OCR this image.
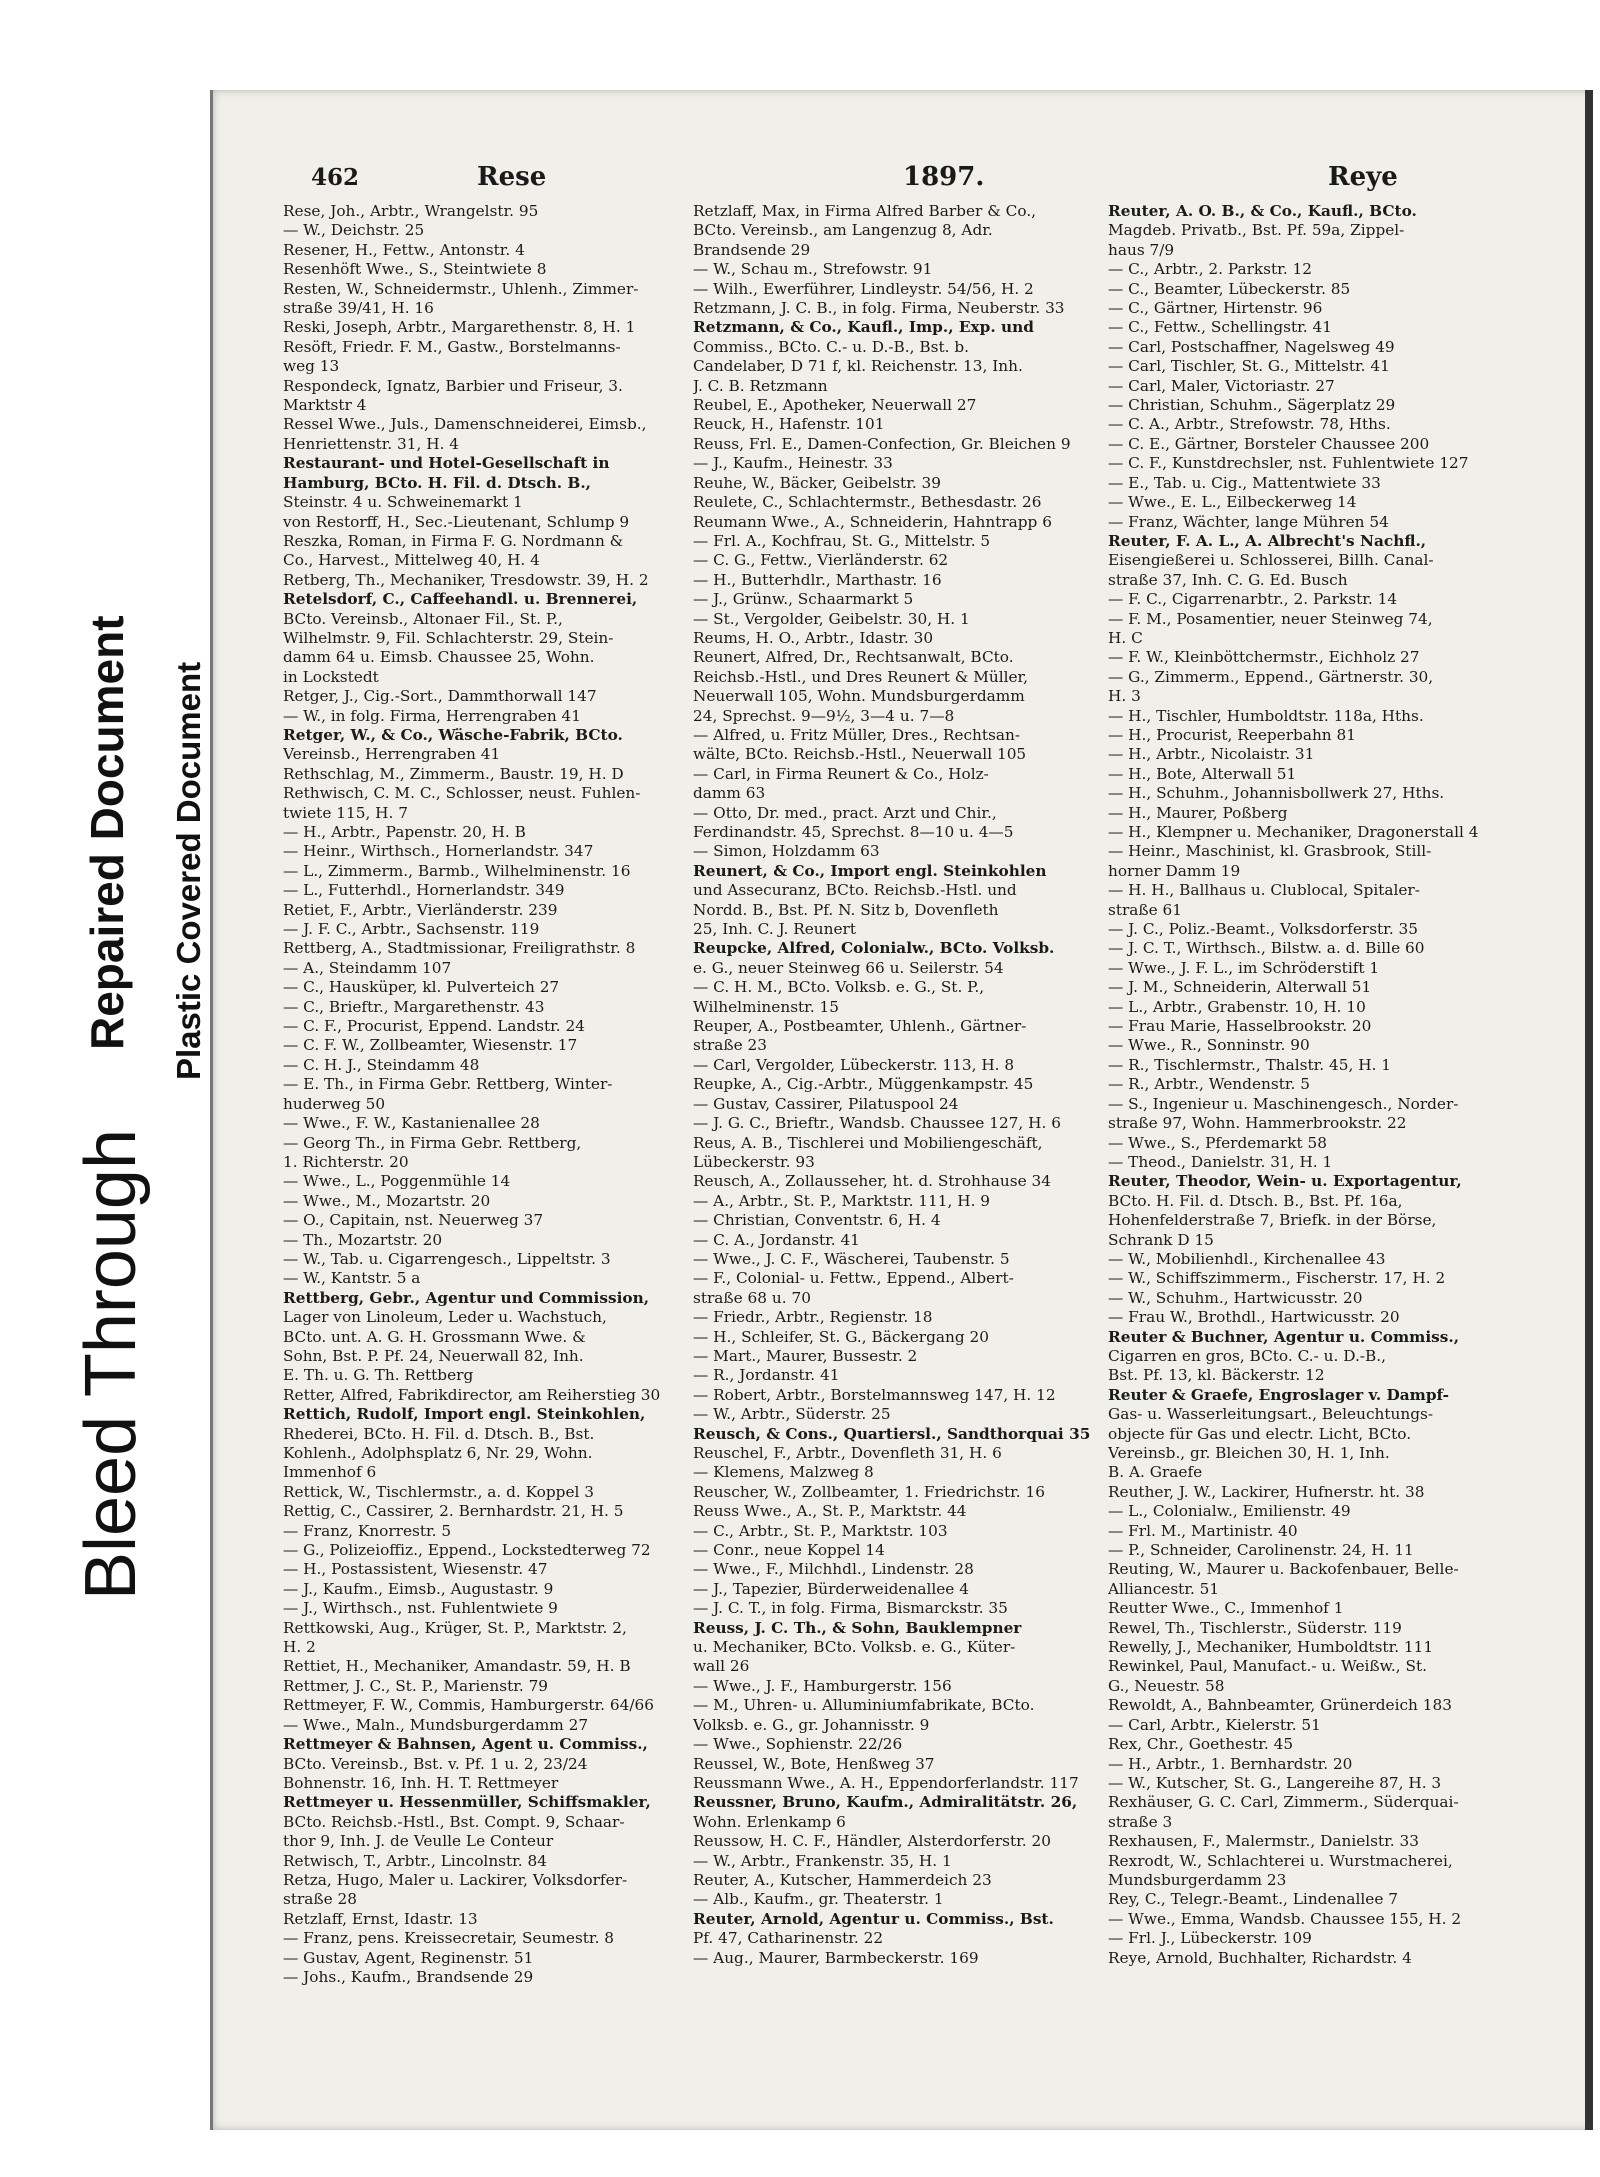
Bleed Through
Repaired Document Plastic Covered Document
462	Rese	1897.	Reye
Rese, Joh., Arbtr., Wrangelstr. 95
— W., Deichstr. 25
Resener, H., Fettw., Antonstr. 4
Resenhöft Wwe., S., Steintwiete 8
Resten, W., Schneidermstr., Uhlenh., Zimmer-
straße 39/41, H. 16
Reski, Joseph, Arbtr., Margarethenstr. 8, H. 1
Resöft, Friedr. F. M., Gastw., Borstelmanns-
weg 13
Respondeck, Ignatz, Barbier und Friseur, 3.
Marktstr 4
Ressel Wwe., Juls., Damenschneiderei, Eimsb.,
Henriettenstr. 31, H. 4
Restaurant- und Hotel-Gesellschaft in
Hamburg, BCto. H. Fil. d. Dtsch. B.,
Steinstr. 4 u. Schweinemarkt 1
von Restorff, H., Sec.-Lieutenant, Schlump 9
Reszka, Roman, in Firma F. G. Nordmann &
Co., Harvest., Mittelweg 40, H. 4
Retberg, Th., Mechaniker, Tresdowstr. 39, H. 2
Retelsdorf, C., Caffeehandl. u. Brennerei,
BCto. Vereinsb., Altonaer Fil., St. P.,
Wilhelmstr. 9, Fil. Schlachterstr. 29, Stein-
damm 64 u. Eimsb. Chaussee 25, Wohn.
in Lockstedt
Retger, J., Cig.-Sort., Dammthorwall 147
— W., in folg. Firma, Herrengraben 41
Retger, W., & Co., Wäsche-Fabrik, BCto.
Vereinsb., Herrengraben 41
Rethschlag, M., Zimmerm., Baustr. 19, H. D
Rethwisch, C. M. C., Schlosser, neust. Fuhlen-
twiete 115, H. 7
— H., Arbtr., Papenstr. 20, H. B
— Heinr., Wirthsch., Hornerlandstr. 347
— L., Zimmerm., Barmb., Wilhelminenstr. 16
— L., Futterhdl., Hornerlandstr. 349
Retiet, F., Arbtr., Vierländerstr. 239
— J. F. C., Arbtr., Sachsenstr. 119
Rettberg, A., Stadtmissionar, Freiligrathstr. 8
— A., Steindamm 107
— C., Hausküper, kl. Pulverteich 27
— C., Brieftr., Margarethenstr. 43
— C. F., Procurist, Eppend. Landstr. 24
— C. F. W., Zollbeamter, Wiesenstr. 17
— C. H. J., Steindamm 48
— E. Th., in Firma Gebr. Rettberg, Winter-
huderweg 50
— Wwe., F. W., Kastanienallee 28
— Georg Th., in Firma Gebr. Rettberg,
1. Richterstr. 20
— Wwe., L., Poggenmühle 14
— Wwe., M., Mozartstr. 20
— O., Capitain, nst. Neuerweg 37
— Th., Mozartstr. 20
— W., Tab. u. Cigarrengesch., Lippeltstr. 3
— W., Kantstr. 5 a
Rettberg, Gebr., Agentur und Commission,
Lager von Linoleum, Leder u. Wachstuch,
BCto. unt. A. G. H. Grossmann Wwe. &
Sohn, Bst. P. Pf. 24, Neuerwall 82, Inh.
E. Th. u. G. Th. Rettberg
Retter, Alfred, Fabrikdirector, am Reiherstieg 30
Rettich, Rudolf, Import engl. Steinkohlen,
Rhederei, BCto. H. Fil. d. Dtsch. B., Bst.
Kohlenh., Adolphsplatz 6, Nr. 29, Wohn.
Immenhof 6
Rettick, W., Tischlermstr., a. d. Koppel 3
Rettig, C., Cassirer, 2. Bernhardstr. 21, H. 5
— Franz, Knorrestr. 5
— G., Polizeioffiz., Eppend., Lockstedterweg 72
— H., Postassistent, Wiesenstr. 47
— J., Kaufm., Eimsb., Augustastr. 9
— J., Wirthsch., nst. Fuhlentwiete 9
Rettkowski, Aug., Krüger, St. P., Marktstr. 2,
H. 2
Rettiet, H., Mechaniker, Amandastr. 59, H. B
Rettmer, J. C., St. P., Marienstr. 79
Rettmeyer, F. W., Commis, Hamburgerstr. 64/66
— Wwe., Maln., Mundsburgerdamm 27
Rettmeyer & Bahnsen, Agent u. Commiss.,
BCto. Vereinsb., Bst. v. Pf. 1 u. 2, 23/24
Bohnenstr. 16, Inh. H. T. Rettmeyer
Rettmeyer u. Hessenmüller, Schiffsmakler,
BCto. Reichsb.-Hstl., Bst. Compt. 9, Schaar-
thor 9, Inh. J. de Veulle Le Conteur
Retwisch, T., Arbtr., Lincolnstr. 84
Retza, Hugo, Maler u. Lackirer, Volksdorfer-
straße 28
Retzlaff, Ernst, Idastr. 13
— Franz, pens. Kreissecretair, Seumestr. 8
— Gustav, Agent, Reginenstr. 51
— Johs., Kaufm., Brandsende 29
Retzlaff, Max, in Firma Alfred Barber & Co.,
BCto. Vereinsb., am Langenzug 8, Adr.
Brandsende 29
— W., Schau m., Strefowstr. 91
— Wilh., Ewerführer, Lindleystr. 54/56, H. 2
Retzmann, J. C. B., in folg. Firma, Neuberstr. 33
Retzmann, & Co., Kaufl., Imp., Exp. und
Commiss., BCto. C.- u. D.-B., Bst. b.
Candelaber, D 71 f, kl. Reichenstr. 13, Inh.
J. C. B. Retzmann
Reubel, E., Apotheker, Neuerwall 27
Reuck, H., Hafenstr. 101
Reuss, Frl. E., Damen-Confection, Gr. Bleichen 9
— J., Kaufm., Heinestr. 33
Reuhe, W., Bäcker, Geibelstr. 39
Reulete, C., Schlachtermstr., Bethesdastr. 26
Reumann Wwe., A., Schneiderin, Hahntrapp 6
— Frl. A., Kochfrau, St. G., Mittelstr. 5
— C. G., Fettw., Vierländerstr. 62
— H., Butterhdlr., Marthastr. 16
— J., Grünw., Schaarmarkt 5
— St., Vergolder, Geibelstr. 30, H. 1
Reums, H. O., Arbtr., Idastr. 30
Reunert, Alfred, Dr., Rechtsanwalt, BCto.
Reichsb.-Hstl., und Dres Reunert & Müller,
Neuerwall 105, Wohn. Mundsburgerdamm
24, Sprechst. 9—9½, 3—4 u. 7—8
— Alfred, u. Fritz Müller, Dres., Rechtsan-
wälte, BCto. Reichsb.-Hstl., Neuerwall 105
— Carl, in Firma Reunert & Co., Holz-
damm 63
— Otto, Dr. med., pract. Arzt und Chir.,
Ferdinandstr. 45, Sprechst. 8—10 u. 4—5
— Simon, Holzdamm 63
Reunert, & Co., Import engl. Steinkohlen
und Assecuranz, BCto. Reichsb.-Hstl. und
Nordd. B., Bst. Pf. N. Sitz b, Dovenfleth
25, Inh. C. J. Reunert
Reupcke, Alfred, Colonialw., BCto. Volksb.
e. G., neuer Steinweg 66 u. Seilerstr. 54
— C. H. M., BCto. Volksb. e. G., St. P.,
Wilhelminenstr. 15
Reuper, A., Postbeamter, Uhlenh., Gärtner-
straße 23
— Carl, Vergolder, Lübeckerstr. 113, H. 8
Reupke, A., Cig.-Arbtr., Müggenkampstr. 45
— Gustav, Cassirer, Pilatuspool 24
— J. G. C., Brieftr., Wandsb. Chaussee 127, H. 6
Reus, A. B., Tischlerei und Mobiliengeschäft,
Lübeckerstr. 93
Reusch, A., Zollausseher, ht. d. Strohhause 34
— A., Arbtr., St. P., Marktstr. 111, H. 9
— Christian, Conventstr. 6, H. 4
— C. A., Jordanstr. 41
— Wwe., J. C. F., Wäscherei, Taubenstr. 5
— F., Colonial- u. Fettw., Eppend., Albert-
straße 68 u. 70
— Friedr., Arbtr., Regienstr. 18
— H., Schleifer, St. G., Bäckergang 20
— Mart., Maurer, Bussestr. 2
— R., Jordanstr. 41
— Robert, Arbtr., Borstelmannsweg 147, H. 12
— W., Arbtr., Süderstr. 25
Reusch, & Cons., Quartiersl., Sandthorquai 35
Reuschel, F., Arbtr., Dovenfleth 31, H. 6
— Klemens, Malzweg 8
Reuscher, W., Zollbeamter, 1. Friedrichstr. 16
Reuss Wwe., A., St. P., Marktstr. 44
— C., Arbtr., St. P., Marktstr. 103
— Conr., neue Koppel 14
— Wwe., F., Milchhdl., Lindenstr. 28
— J., Tapezier, Bürderweidenallee 4
— J. C. T., in folg. Firma, Bismarckstr. 35
Reuss, J. C. Th., & Sohn, Bauklempner
u. Mechaniker, BCto. Volksb. e. G., Küter-
wall 26
— Wwe., J. F., Hamburgerstr. 156
— M., Uhren- u. Alluminiumfabrikate, BCto.
Volksb. e. G., gr. Johannisstr. 9
— Wwe., Sophienstr. 22/26
Reussel, W., Bote, Henßweg 37
Reussmann Wwe., A. H., Eppendorferlandstr. 117
Reussner, Bruno, Kaufm., Admiralitätstr. 26,
Wohn. Erlenkamp 6
Reussow, H. C. F., Händler, Alsterdorferstr. 20
— W., Arbtr., Frankenstr. 35, H. 1
Reuter, A., Kutscher, Hammerdeich 23
— Alb., Kaufm., gr. Theaterstr. 1
Reuter, Arnold, Agentur u. Commiss., Bst.
Pf. 47, Catharinenstr. 22
— Aug., Maurer, Barmbeckerstr. 169
Reuter, A. O. B., & Co., Kaufl., BCto.
Magdeb. Privatb., Bst. Pf. 59a, Zippel-
haus 7/9
— C., Arbtr., 2. Parkstr. 12
— C., Beamter, Lübeckerstr. 85
— C., Gärtner, Hirtenstr. 96
— C., Fettw., Schellingstr. 41
— Carl, Postschaffner, Nagelsweg 49
— Carl, Tischler, St. G., Mittelstr. 41
— Carl, Maler, Victoriastr. 27
— Christian, Schuhm., Sägerplatz 29
— C. A., Arbtr., Strefowstr. 78, Hths.
— C. E., Gärtner, Borsteler Chaussee 200
— C. F., Kunstdrechsler, nst. Fuhlentwiete 127
— E., Tab. u. Cig., Mattentwiete 33
— Wwe., E. L., Eilbeckerweg 14
— Franz, Wächter, lange Mühren 54
Reuter, F. A. L., A. Albrecht's Nachfl.,
Eisengießerei u. Schlosserei, Billh. Canal-
straße 37, Inh. C. G. Ed. Busch
— F. C., Cigarrenarbtr., 2. Parkstr. 14
— F. M., Posamentier, neuer Steinweg 74,
H. C
— F. W., Kleinböttchermstr., Eichholz 27
— G., Zimmerm., Eppend., Gärtnerstr. 30,
H. 3
— H., Tischler, Humboldtstr. 118a, Hths.
— H., Procurist, Reeperbahn 81
— H., Arbtr., Nicolaistr. 31
— H., Bote, Alterwall 51
— H., Schuhm., Johannisbollwerk 27, Hths.
— H., Maurer, Poßberg
— H., Klempner u. Mechaniker, Dragonerstall 4
— Heinr., Maschinist, kl. Grasbrook, Still-
horner Damm 19
— H. H., Ballhaus u. Clublocal, Spitaler-
straße 61
— J. C., Poliz.-Beamt., Volksdorferstr. 35
— J. C. T., Wirthsch., Bilstw. a. d. Bille 60
— Wwe., J. F. L., im Schröderstift 1
— J. M., Schneiderin, Alterwall 51
— L., Arbtr., Grabenstr. 10, H. 10
— Frau Marie, Hasselbrookstr. 20
— Wwe., R., Sonninstr. 90
— R., Tischlermstr., Thalstr. 45, H. 1
— R., Arbtr., Wendenstr. 5
— S., Ingenieur u. Maschinengesch., Norder-
straße 97, Wohn. Hammerbrookstr. 22
— Wwe., S., Pferdemarkt 58
— Theod., Danielstr. 31, H. 1
Reuter, Theodor, Wein- u. Exportagentur,
BCto. H. Fil. d. Dtsch. B., Bst. Pf. 16a,
Hohenfelderstraße 7, Briefk. in der Börse,
Schrank D 15
— W., Mobilienhdl., Kirchenallee 43
— W., Schiffszimmerm., Fischerstr. 17, H. 2
— W., Schuhm., Hartwicusstr. 20
— Frau W., Brothdl., Hartwicusstr. 20
Reuter & Buchner, Agentur u. Commiss.,
Cigarren en gros, BCto. C.- u. D.-B.,
Bst. Pf. 13, kl. Bäckerstr. 12
Reuter & Graefe, Engroslager v. Dampf-
Gas- u. Wasserleitungsart., Beleuchtungs-
objecte für Gas und electr. Licht, BCto.
Vereinsb., gr. Bleichen 30, H. 1, Inh.
B. A. Graefe
Reuther, J. W., Lackirer, Hufnerstr. ht. 38
— L., Colonialw., Emilienstr. 49
— Frl. M., Martinistr. 40
— P., Schneider, Carolinenstr. 24, H. 11
Reuting, W., Maurer u. Backofenbauer, Belle-
Alliancestr. 51
Reutter Wwe., C., Immenhof 1
Rewel, Th., Tischlerstr., Süderstr. 119
Rewelly, J., Mechaniker, Humboldtstr. 111
Rewinkel, Paul, Manufact.- u. Weißw., St.
G., Neuestr. 58
Rewoldt, A., Bahnbeamter, Grünerdeich 183
— Carl, Arbtr., Kielerstr. 51
Rex, Chr., Goethestr. 45
— H., Arbtr., 1. Bernhardstr. 20
— W., Kutscher, St. G., Langereihe 87, H. 3
Rexhäuser, G. C. Carl, Zimmerm., Süderquai-
straße 3
Rexhausen, F., Malermstr., Danielstr. 33
Rexrodt, W., Schlachterei u. Wurstmacherei,
Mundsburgerdamm 23
Rey, C., Telegr.-Beamt., Lindenallee 7
— Wwe., Emma, Wandsb. Chaussee 155, H. 2
— Frl. J., Lübeckerstr. 109
Reye, Arnold, Buchhalter, Richardstr. 4
